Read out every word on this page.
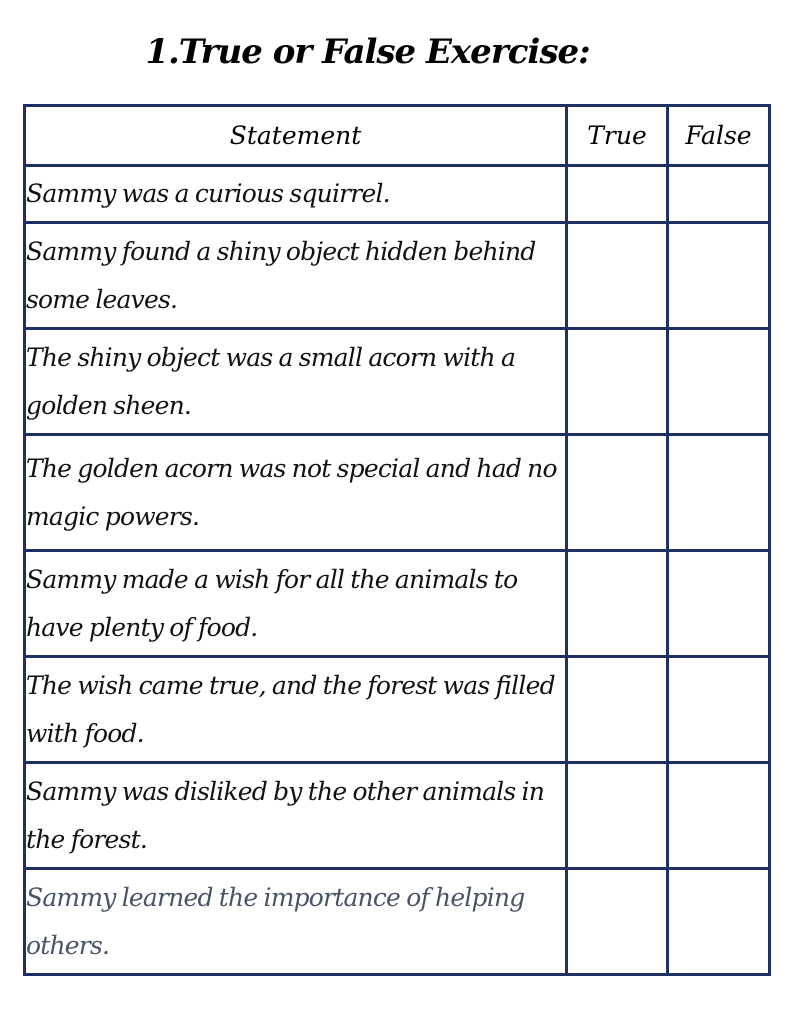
1.True or False Exercise:
Statement	True	False
Sammy was a curious squirrel.		
Sammy found a shiny object hidden behind some leaves.		
The shiny object was a small acorn with a golden sheen.		
The golden acorn was not special and had no magic powers.		
Sammy made a wish for all the animals to have plenty of food.		
The wish came true, and the forest was filled with food.		
Sammy was disliked by the other animals in the forest.		
Sammy learned the importance of helping others.		
